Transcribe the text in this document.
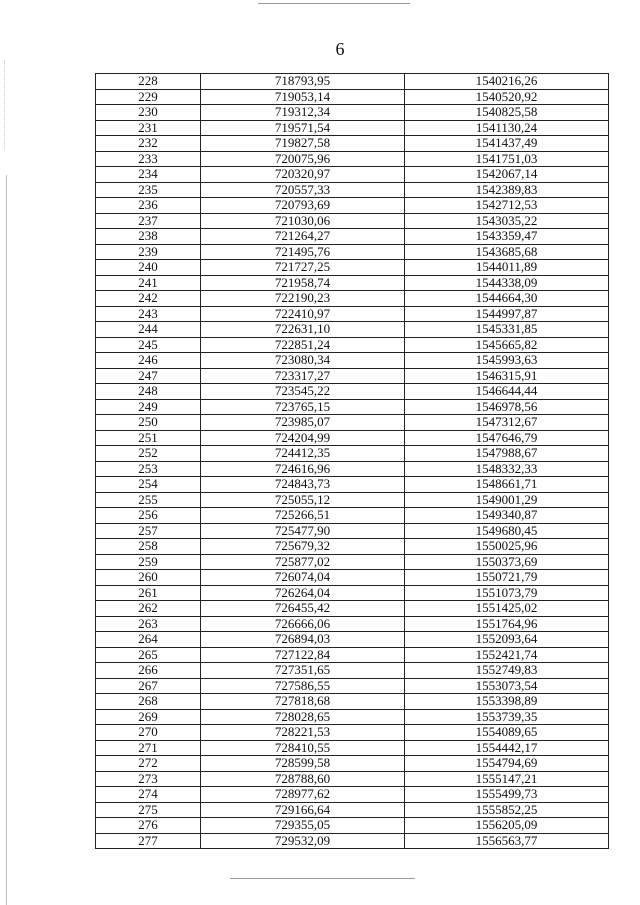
6
228	718793,95	1540216,26
229	719053,14	1540520,92
230	719312,34	1540825,58
231	719571,54	1541130,24
232	719827,58	1541437,49
233	720075,96	1541751,03
234	720320,97	1542067,14
235	720557,33	1542389,83
236	720793,69	1542712,53
237	721030,06	1543035,22
238	721264,27	1543359,47
239	721495,76	1543685,68
240	721727,25	1544011,89
241	721958,74	1544338,09
242	722190,23	1544664,30
243	722410,97	1544997,87
244	722631,10	1545331,85
245	722851,24	1545665,82
246	723080,34	1545993,63
247	723317,27	1546315,91
248	723545,22	1546644,44
249	723765,15	1546978,56
250	723985,07	1547312,67
251	724204,99	1547646,79
252	724412,35	1547988,67
253	724616,96	1548332,33
254	724843,73	1548661,71
255	725055,12	1549001,29
256	725266,51	1549340,87
257	725477,90	1549680,45
258	725679,32	1550025,96
259	725877,02	1550373,69
260	726074,04	1550721,79
261	726264,04	1551073,79
262	726455,42	1551425,02
263	726666,06	1551764,96
264	726894,03	1552093,64
265	727122,84	1552421,74
266	727351,65	1552749,83
267	727586,55	1553073,54
268	727818,68	1553398,89
269	728028,65	1553739,35
270	728221,53	1554089,65
271	728410,55	1554442,17
272	728599,58	1554794,69
273	728788,60	1555147,21
274	728977,62	1555499,73
275	729166,64	1555852,25
276	729355,05	1556205,09
277	729532,09	1556563,77
